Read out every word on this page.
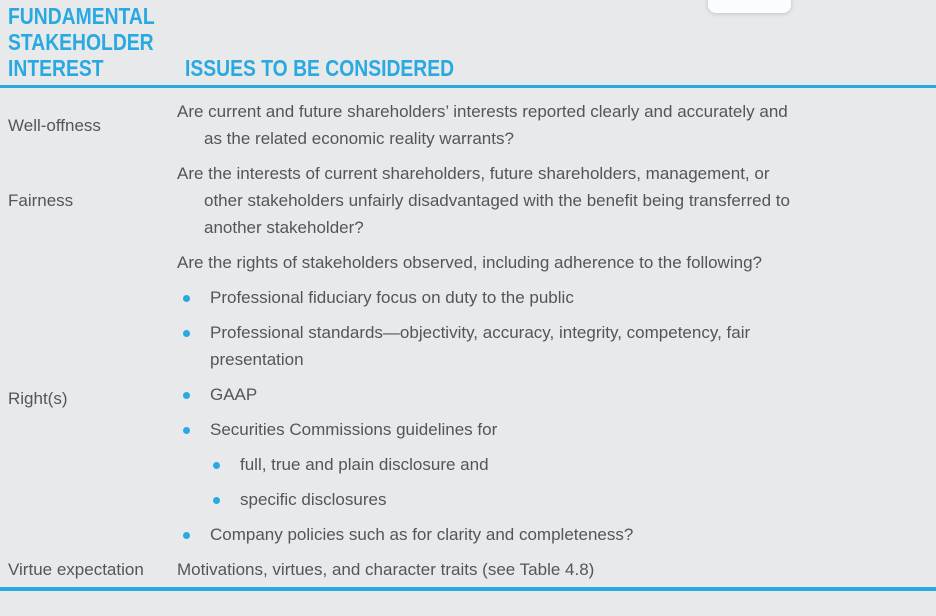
FUNDAMENTAL
STAKEHOLDER
INTEREST	ISSUES TO BE CONSIDERED
Well-offness
Are current and future shareholders’ interests reported clearly and accurately and
as the related economic reality warrants?
Fairness
Are the interests of current shareholders, future shareholders, management, or
other stakeholders unfairly disadvantaged with the benefit being transferred to
another stakeholder?
Right(s)
Are the rights of stakeholders observed, including adherence to the following?
Professional fiduciary focus on duty to the public
Professional standards—objectivity, accuracy, integrity, competency, fair
presentation
GAAP
Securities Commissions guidelines for
full, true and plain disclosure and
specific disclosures
Company policies such as for clarity and completeness?
Virtue expectation	Motivations, virtues, and character traits (see Table 4.8)
